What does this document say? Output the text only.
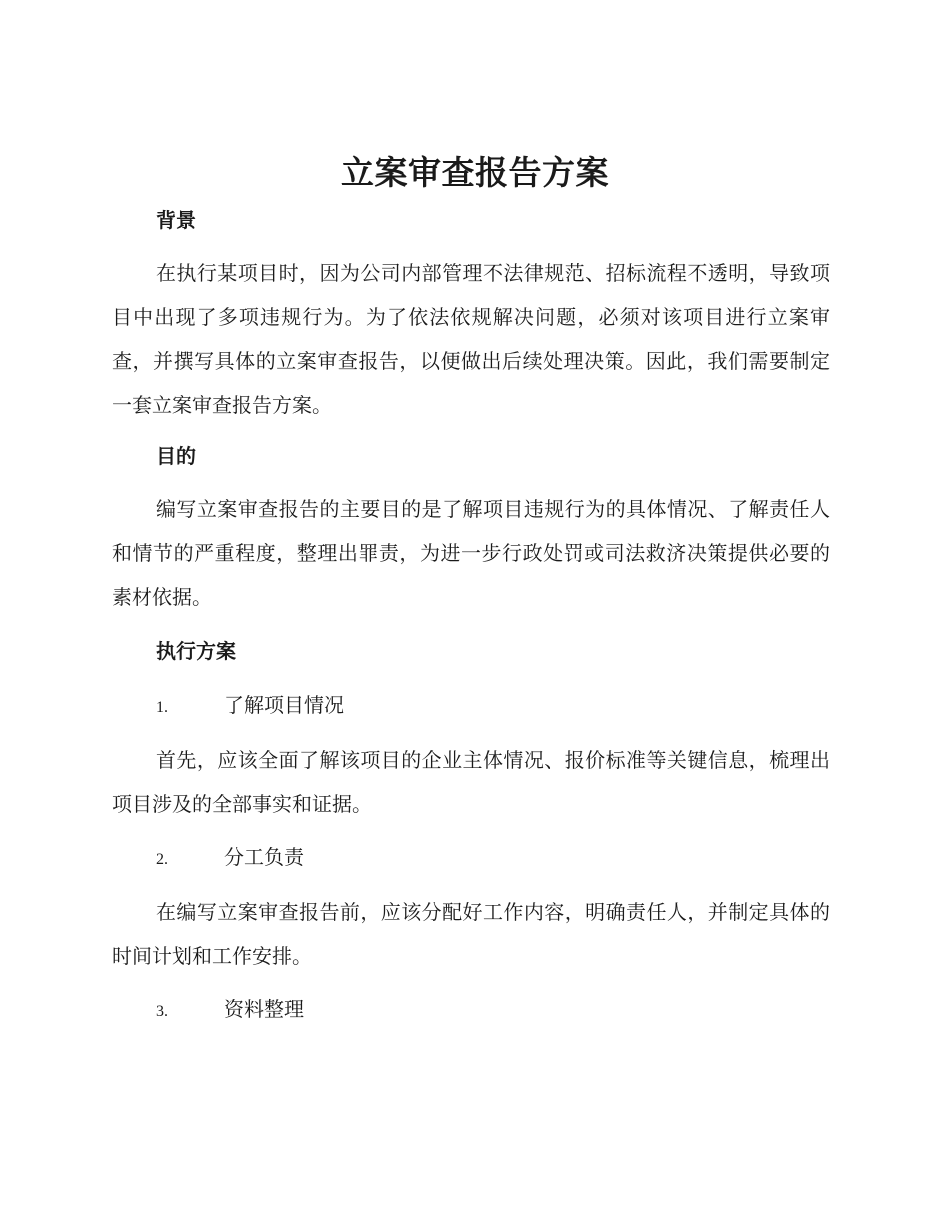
立案审查报告方案
背景
在执行某项目时，因为公司内部管理不法律规范、招标流程不透明，导致项目中出现了多项违规行为。为了依法依规解决问题，必须对该项目进行立案审查，并撰写具体的立案审查报告，以便做出后续处理决策。因此，我们需要制定一套立案审查报告方案。
目的
编写立案审查报告的主要目的是了解项目违规行为的具体情况、了解责任人和情节的严重程度，整理出罪责，为进一步行政处罚或司法救济决策提供必要的素材依据。
执行方案
1.	了解项目情况
首先，应该全面了解该项目的企业主体情况、报价标准等关键信息，梳理出项目涉及的全部事实和证据。
2.	分工负责
在编写立案审查报告前，应该分配好工作内容，明确责任人，并制定具体的时间计划和工作安排。
3.	资料整理
